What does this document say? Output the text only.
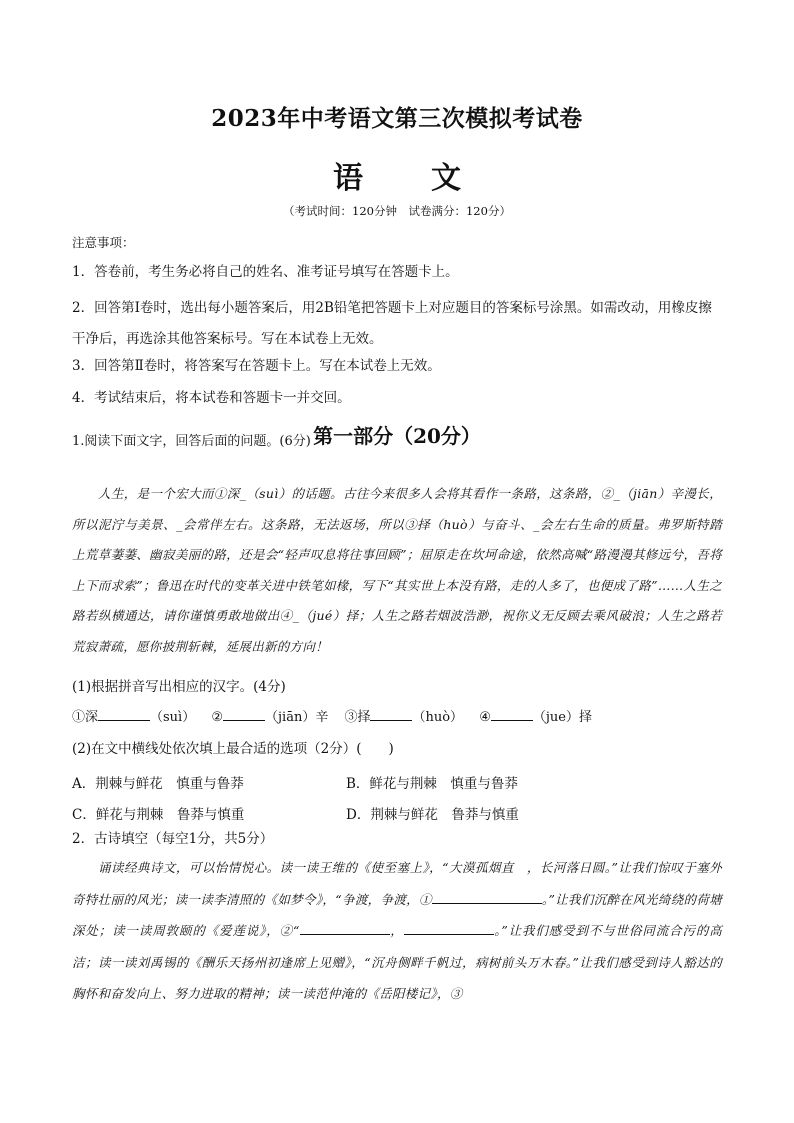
2023年中考语文第三次模拟考试卷
语 文
（考试时间：120分钟　试卷满分：120分）
注意事项：
1．答卷前，考生务必将自己的姓名、准考证号填写在答题卡上。
2．回答第Ⅰ卷时，选出每小题答案后，用2B铅笔把答题卡上对应题目的答案标号涂黑。如需改动，用橡皮擦干净后，再选涂其他答案标号。写在本试卷上无效。
3．回答第Ⅱ卷时，将答案写在答题卡上。写在本试卷上无效。
4．考试结束后，将本试卷和答题卡一并交回。
第一部分（20分）
1.阅读下面文字，回答后面的问题。(6分)
人生，是一个宏大而①深_（suì）的话题。古往今来很多人会将其看作一条路，这条路，②_（jiān）辛漫长，所以泥泞与美景、_会常伴左右。这条路，无法返场，所以③择（huò）与奋斗、_会左右生命的质量。弗罗斯特踏上荒草萋萋、幽寂美丽的路，还是会“轻声叹息将往事回顾”；屈原走在坎坷命途，依然高喊“路漫漫其修远兮，吾将上下而求索”；鲁迅在时代的变革关进中铁笔如椽，写下“其实世上本没有路，走的人多了，也便成了路”……人生之路若纵横通达，请你谨慎勇敢地做出④_（jué）择；人生之路若烟波浩渺，祝你义无反顾去乘风破浪；人生之路若荒寂萧疏，愿你披荆斩棘，延展出新的方向！
(1)根据拼音写出相应的汉字。(4分)
①深	（suì） ②	（jiān）辛 ③择	（huò） ④	（jue）择
(2)在文中横线处依次填上最合适的选项（2分）(　　)
A．荆棘与鲜花　慎重与鲁莽	B．鲜花与荆棘　慎重与鲁莽
C．鲜花与荆棘　鲁莽与慎重	D．荆棘与鲜花　鲁莽与慎重
2．古诗填空（每空1分，共5分）
诵读经典诗文，可以怡情悦心。读一读王维的《使至塞上》，“大漠孤烟直　，长河落日圆。”让我们惊叹于塞外奇特壮丽的风光；读一读李清照的《如梦令》，“争渡，争渡，①	。”让我们沉醉在风光绮绕的荷塘深处；读一读周敦颐的《爱莲说》，②“	，	。”让我们感受到不与世俗同流合污的高洁；读一读刘禹锡的《酬乐天扬州初逢席上见赠》，“沉舟侧畔千帆过，病树前头万木春。”让我们感受到诗人豁达的胸怀和奋发向上、努力进取的精神；读一读范仲淹的《岳阳楼记》，③
